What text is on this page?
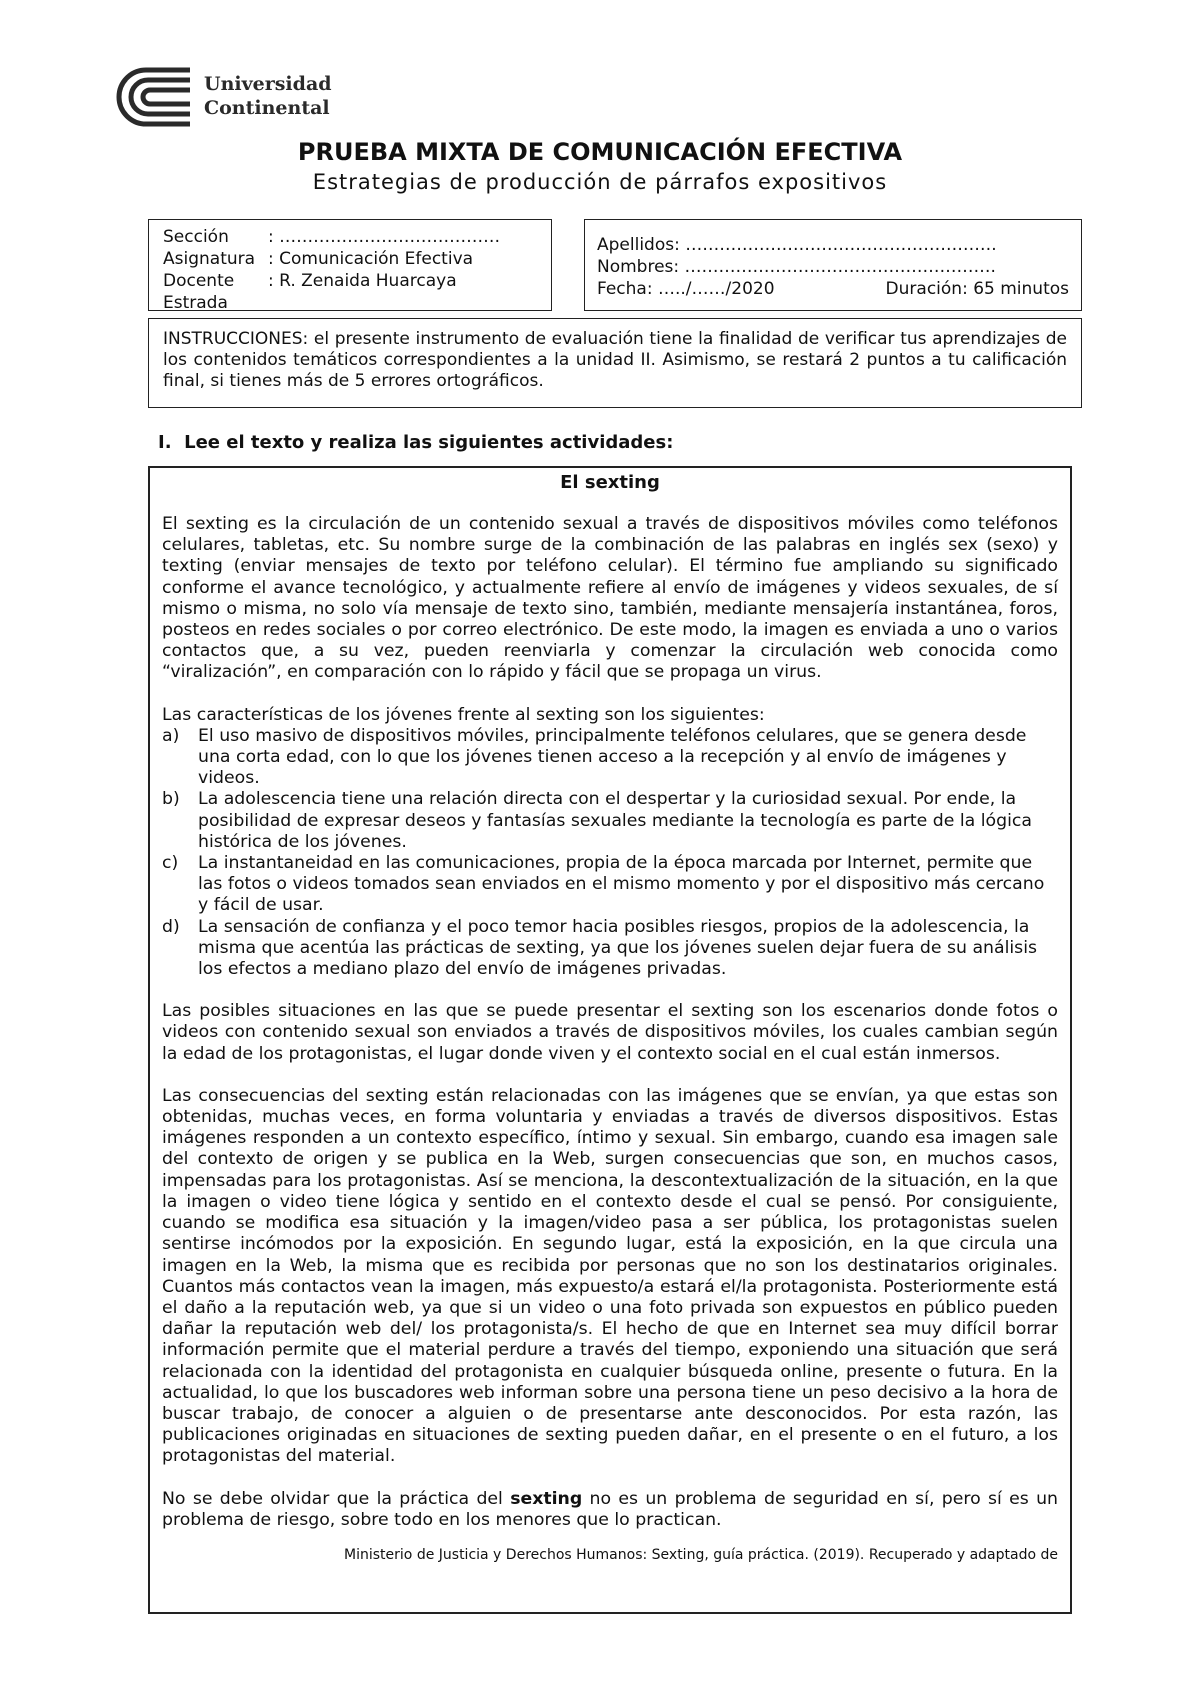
Universidad
Continental
PRUEBA MIXTA DE COMUNICACIÓN EFECTIVA
Estrategias de producción de párrafos expositivos
Sección	: …………………………………
Asignatura : Comunicación Efectiva
Docente	: R. Zenaida Huarcaya
Estrada
Apellidos : ……………………………………………….
Nombres : ……………………………………………….
Fecha: …../……/2020	Duración: 65 minutos
INSTRUCCIONES: el presente instrumento de evaluación tiene la finalidad de verificar tus aprendizajes de los contenidos temáticos correspondientes a la unidad II. Asimismo, se restará 2 puntos a tu calificación final, si tienes más de 5 errores ortográficos.
I. Lee el texto y realiza las siguientes actividades:
El sexting

El sexting es la circulación de un contenido sexual a través de dispositivos móviles como teléfonos celulares, tabletas, etc. Su nombre surge de la combinación de las palabras en inglés sex (sexo) y texting (enviar mensajes de texto por teléfono celular). El término fue ampliando su significado conforme el avance tecnológico, y actualmente refiere al envío de imágenes y videos sexuales, de sí mismo o misma, no solo vía mensaje de texto sino, también, mediante mensajería instantánea, foros, posteos en redes sociales o por correo electrónico. De este modo, la imagen es enviada a uno o varios contactos que, a su vez, pueden reenviarla y comenzar la circulación web conocida como “viralización”, en comparación con lo rápido y fácil que se propaga un virus.

Las características de los jóvenes frente al sexting son los siguientes:

a)	El uso masivo de dispositivos móviles, principalmente teléfonos celulares, que se genera desde una corta edad, con lo que los jóvenes tienen acceso a la recepción y al envío de imágenes y videos.
b)	La adolescencia tiene una relación directa con el despertar y la curiosidad sexual. Por ende, la posibilidad de expresar deseos y fantasías sexuales mediante la tecnología es parte de la lógica histórica de los jóvenes.
c)	La instantaneidad en las comunicaciones, propia de la época marcada por Internet, permite que las fotos o videos tomados sean enviados en el mismo momento y por el dispositivo más cercano y fácil de usar.
d)	La sensación de confianza y el poco temor hacia posibles riesgos, propios de la adolescencia, la misma que acentúa las prácticas de sexting, ya que los jóvenes suelen dejar fuera de su análisis los efectos a mediano plazo del envío de imágenes privadas.

Las posibles situaciones en las que se puede presentar el sexting son los escenarios donde fotos o videos con contenido sexual son enviados a través de dispositivos móviles, los cuales cambian según la edad de los protagonistas, el lugar donde viven y el contexto social en el cual están inmersos.

Las consecuencias del sexting están relacionadas con las imágenes que se envían, ya que estas son obtenidas, muchas veces, en forma voluntaria y enviadas a través de diversos dispositivos. Estas imágenes responden a un contexto específico, íntimo y sexual. Sin embargo, cuando esa imagen sale del contexto de origen y se publica en la Web, surgen consecuencias que son, en muchos casos, impensadas para los protagonistas. Así se menciona, la descontextualización de la situación, en la que la imagen o video tiene lógica y sentido en el contexto desde el cual se pensó. Por consiguiente, cuando se modifica esa situación y la imagen/video pasa a ser pública, los protagonistas suelen sentirse incómodos por la exposición. En segundo lugar, está la exposición, en la que circula una imagen en la Web, la misma que es recibida por personas que no son los destinatarios originales. Cuantos más contactos vean la imagen, más expuesto/a estará el/la protagonista. Posteriormente está el daño a la reputación web, ya que si un video o una foto privada son expuestos en público pueden dañar la reputación web del/ los protagonista/s. El hecho de que en Internet sea muy difícil borrar información permite que el material perdure a través del tiempo, exponiendo una situación que será relacionada con la identidad del protagonista en cualquier búsqueda online, presente o futura. En la actualidad, lo que los buscadores web informan sobre una persona tiene un peso decisivo a la hora de buscar trabajo, de conocer a alguien o de presentarse ante desconocidos. Por esta razón, las publicaciones originadas en situaciones de sexting pueden dañar, en el presente o en el futuro, a los protagonistas del material.

No se debe olvidar que la práctica del sexting no es un problema de seguridad en sí, pero sí es un problema de riesgo, sobre todo en los menores que lo practican.

Ministerio de Justicia y Derechos Humanos: Sexting, guía práctica. (2019). Recuperado y adaptado de
